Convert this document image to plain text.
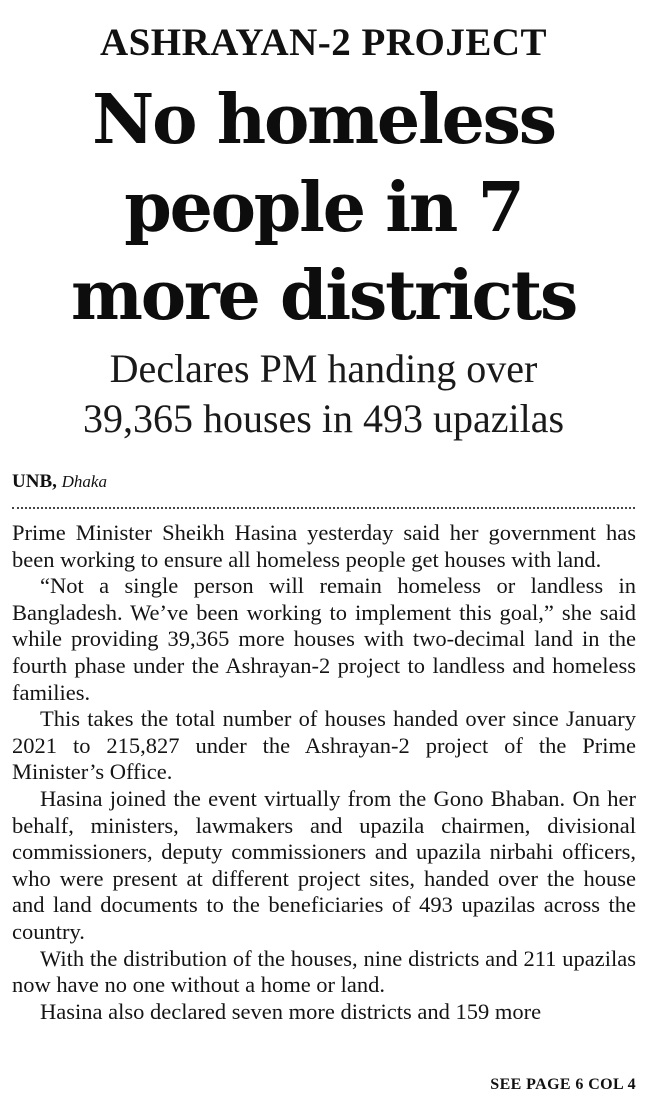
ASHRAYAN-2 PROJECT
No homeless
people in 7
more districts
Declares PM handing over
39,365 houses in 493 upazilas
UNB, Dhaka

Prime Minister Sheikh Hasina yesterday said her government has been working to ensure all homeless people get houses with land.

“Not a single person will remain homeless or landless in Bangladesh. We’ve been working to implement this goal,” she said while providing 39,365 more houses with two-decimal land in the fourth phase under the Ashrayan-2 project to landless and homeless families.

This takes the total number of houses handed over since January 2021 to 215,827 under the Ashrayan-2 project of the Prime Minister’s Office.

Hasina joined the event virtually from the Gono Bhaban. On her behalf, ministers, lawmakers and upazila chairmen, divisional commissioners, deputy commissioners and upazila nirbahi officers, who were present at different project sites, handed over the house and land documents to the beneficiaries of 493 upazilas across the country.

With the distribution of the houses, nine districts and 211 upazilas now have no one without a home or land.

Hasina also declared seven more districts and 159 more

SEE PAGE 6 COL 4
